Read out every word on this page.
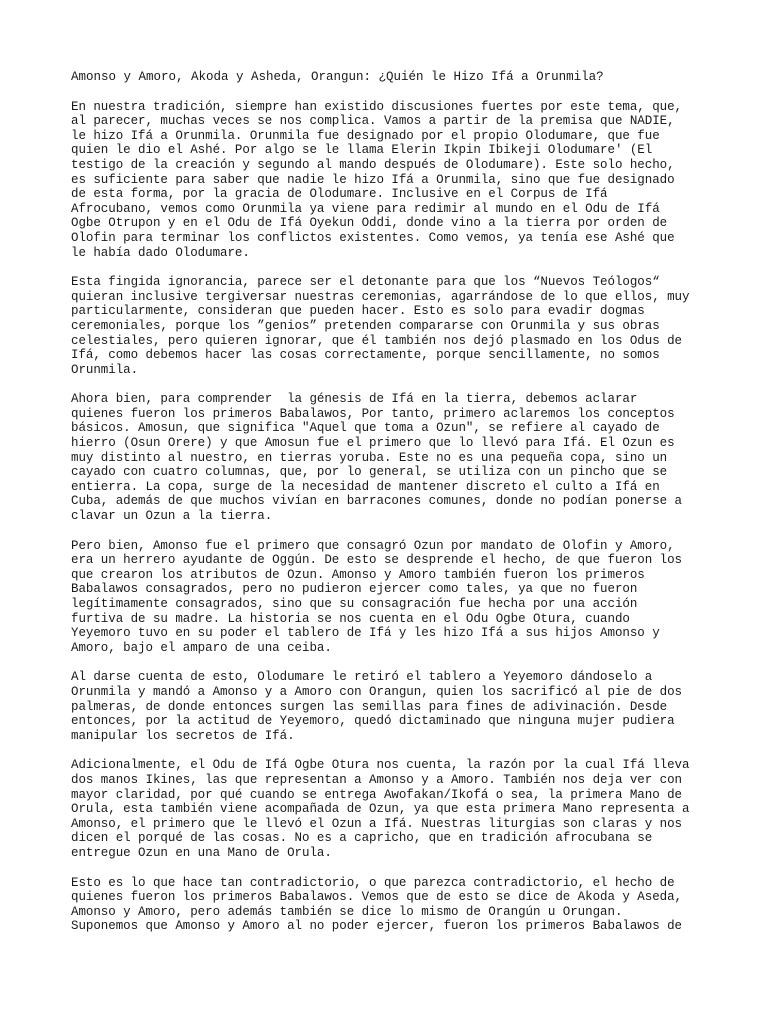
Amonso y Amoro, Akoda y Asheda, Orangun: ¿Quién le Hizo Ifá a Orunmila?
En nuestra tradición, siempre han existido discusiones fuertes por este tema, que,
al parecer, muchas veces se nos complica. Vamos a partir de la premisa que NADIE,
le hizo Ifá a Orunmila. Orunmila fue designado por el propio Olodumare, que fue
quien le dio el Ashé. Por algo se le llama Elerin Ikpin Ibikeji Olodumare' (El
testigo de la creación y segundo al mando después de Olodumare). Este solo hecho,
es suficiente para saber que nadie le hizo Ifá a Orunmila, sino que fue designado
de esta forma, por la gracia de Olodumare. Inclusive en el Corpus de Ifá
Afrocubano, vemos como Orunmila ya viene para redimir al mundo en el Odu de Ifá
Ogbe Otrupon y en el Odu de Ifá Oyekun Oddi, donde vino a la tierra por orden de
Olofin para terminar los conflictos existentes. Como vemos, ya tenía ese Ashé que
le había dado Olodumare.
Esta fingida ignorancia, parece ser el detonante para que los “Nuevos Teólogos“
quieran inclusive tergiversar nuestras ceremonias, agarrándose de lo que ellos, muy
particularmente, consideran que pueden hacer. Esto es solo para evadir dogmas
ceremoniales, porque los ”genios” pretenden compararse con Orunmila y sus obras
celestiales, pero quieren ignorar, que él también nos dejó plasmado en los Odus de
Ifá, como debemos hacer las cosas correctamente, porque sencillamente, no somos
Orunmila.
Ahora bien, para comprender  la génesis de Ifá en la tierra, debemos aclarar
quienes fueron los primeros Babalawos, Por tanto, primero aclaremos los conceptos
básicos. Amosun, que significa "Aquel que toma a Ozun", se refiere al cayado de
hierro (Osun Orere) y que Amosun fue el primero que lo llevó para Ifá. El Ozun es
muy distinto al nuestro, en tierras yoruba. Este no es una pequeña copa, sino un
cayado con cuatro columnas, que, por lo general, se utiliza con un pincho que se
entierra. La copa, surge de la necesidad de mantener discreto el culto a Ifá en
Cuba, además de que muchos vivían en barracones comunes, donde no podían ponerse a
clavar un Ozun a la tierra.
Pero bien, Amonso fue el primero que consagró Ozun por mandato de Olofin y Amoro,
era un herrero ayudante de Oggún. De esto se desprende el hecho, de que fueron los
que crearon los atributos de Ozun. Amonso y Amoro también fueron los primeros
Babalawos consagrados, pero no pudieron ejercer como tales, ya que no fueron
legítimamente consagrados, sino que su consagración fue hecha por una acción
furtiva de su madre. La historia se nos cuenta en el Odu Ogbe Otura, cuando
Yeyemoro tuvo en su poder el tablero de Ifá y les hizo Ifá a sus hijos Amonso y
Amoro, bajo el amparo de una ceiba.
Al darse cuenta de esto, Olodumare le retiró el tablero a Yeyemoro dándoselo a
Orunmila y mandó a Amonso y a Amoro con Orangun, quien los sacrificó al pie de dos
palmeras, de donde entonces surgen las semillas para fines de adivinación. Desde
entonces, por la actitud de Yeyemoro, quedó dictaminado que ninguna mujer pudiera
manipular los secretos de Ifá.
Adicionalmente, el Odu de Ifá Ogbe Otura nos cuenta, la razón por la cual Ifá lleva
dos manos Ikines, las que representan a Amonso y a Amoro. También nos deja ver con
mayor claridad, por qué cuando se entrega Awofakan/Ikofá o sea, la primera Mano de
Orula, esta también viene acompañada de Ozun, ya que esta primera Mano representa a
Amonso, el primero que le llevó el Ozun a Ifá. Nuestras liturgias son claras y nos
dicen el porqué de las cosas. No es a capricho, que en tradición afrocubana se
entregue Ozun en una Mano de Orula.
Esto es lo que hace tan contradictorio, o que parezca contradictorio, el hecho de
quienes fueron los primeros Babalawos. Vemos que de esto se dice de Akoda y Aseda,
Amonso y Amoro, pero además también se dice lo mismo de Orangún u Orungan.
Suponemos que Amonso y Amoro al no poder ejercer, fueron los primeros Babalawos de
